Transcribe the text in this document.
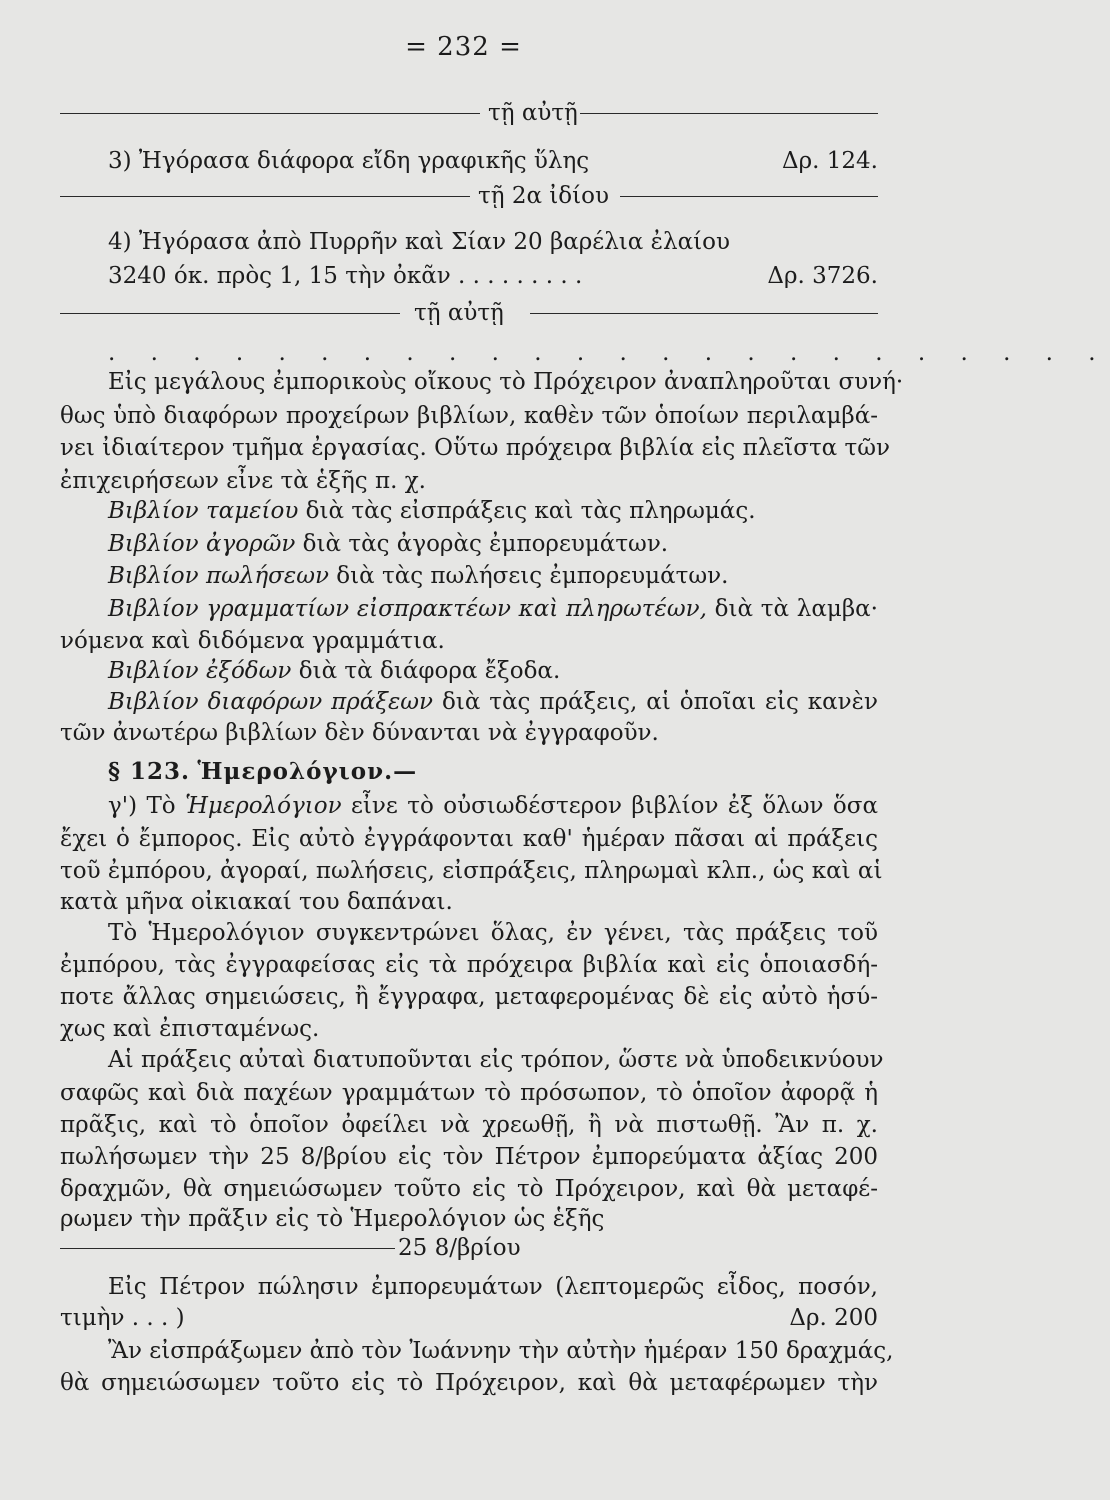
= 232 =
τῇ αὐτῇ
3) Ἠγόρασα διάφορα εἴδη γραφικῆς ὕλης	Δρ. 124.
τῇ 2α ἰδίου
4) Ἠγόρασα ἀπὸ Πυρρῆν καὶ Σίαν 20 βαρέλια ἐλαίου
3240 όκ. πρὸς 1, 15 τὴν ὀκᾶν . . . . . . . . .	Δρ. 3726.
τῇ αὐτῇ
. . . . . . . . . . . . . . . . . . . . . . . .
Εἰς μεγάλους ἐμπορικοὺς οἴκους τὸ Πρόχειρον ἀναπληροῦται συνή·
θως ὑπὸ διαφόρων προχείρων βιβλίων, καθὲν τῶν ὁποίων περιλαμβά-
νει ἰδιαίτερον τμῆμα ἐργασίας. Οὕτω πρόχειρα βιβλία εἰς πλεῖστα τῶν
ἐπιχειρήσεων εἶνε τὰ ἑξῆς π. χ.
Βιβλίον ταμείου διὰ τὰς εἰσπράξεις καὶ τὰς πληρωμάς.
Βιβλίον ἀγορῶν διὰ τὰς ἀγορὰς ἐμπορευμάτων.
Βιβλίον πωλήσεων διὰ τὰς πωλήσεις ἐμπορευμάτων.
Βιβλίον γραμματίων εἰσπρακτέων καὶ πληρωτέων, διὰ τὰ λαμβα·
νόμενα καὶ διδόμενα γραμμάτια.
Βιβλίον ἐξόδων διὰ τὰ διάφορα ἔξοδα.
Βιβλίον διαφόρων πράξεων διὰ τὰς πράξεις, αἱ ὁποῖαι εἰς κανὲν
τῶν ἀνωτέρω βιβλίων δὲν δύνανται νὰ ἐγγραφοῦν.
§ 123. Ἡμερολόγιον.—
γ') Τὸ Ἡμερολόγιον εἶνε τὸ οὐσιωδέστερον βιβλίον ἐξ ὅλων ὅσα
ἔχει ὁ ἔμπορος. Εἰς αὐτὸ ἐγγράφονται καθ' ἡμέραν πᾶσαι αἱ πράξεις
τοῦ ἐμπόρου, ἀγοραί, πωλήσεις, εἰσπράξεις, πληρωμαὶ κλπ., ὡς καὶ αἱ
κατὰ μῆνα οἰκιακαί του δαπάναι.
Τὸ Ἡμερολόγιον συγκεντρώνει ὅλας, ἐν γένει, τὰς πράξεις τοῦ
ἐμπόρου, τὰς ἐγγραφείσας εἰς τὰ πρόχειρα βιβλία καὶ εἰς ὁποιασδή-
ποτε ἄλλας σημειώσεις, ἢ ἔγγραφα, μεταφερομένας δὲ εἰς αὐτὸ ἡσύ-
χως καὶ ἐπισταμένως.
Αἱ πράξεις αὐταὶ διατυποῦνται εἰς τρόπον, ὥστε νὰ ὑποδεικνύουν
σαφῶς καὶ διὰ παχέων γραμμάτων τὸ πρόσωπον, τὸ ὁποῖον ἀφορᾷ ἡ
πρᾶξις, καὶ τὸ ὁποῖον ὀφείλει νὰ χρεωθῇ, ἢ νὰ πιστωθῇ. Ἂν π. χ.
πωλήσωμεν τὴν 25 8/βρίου εἰς τὸν Πέτρον ἐμπορεύματα ἀξίας 200
δραχμῶν, θὰ σημειώσωμεν τοῦτο εἰς τὸ Πρόχειρον, καὶ θὰ μεταφέ-
ρωμεν τὴν πρᾶξιν εἰς τὸ Ἡμερολόγιον ὡς ἑξῆς
25 8/βρίου
Εἰς Πέτρον πώλησιν ἐμπορευμάτων (λεπτομερῶς εἶδος, ποσόν,
τιμὴν . . . )	Δρ. 200
Ἂν εἰσπράξωμεν ἀπὸ τὸν Ἰωάννην τὴν αὐτὴν ἡμέραν 150 δραχμάς,
θὰ σημειώσωμεν τοῦτο εἰς τὸ Πρόχειρον, καὶ θὰ μεταφέρωμεν τὴν
